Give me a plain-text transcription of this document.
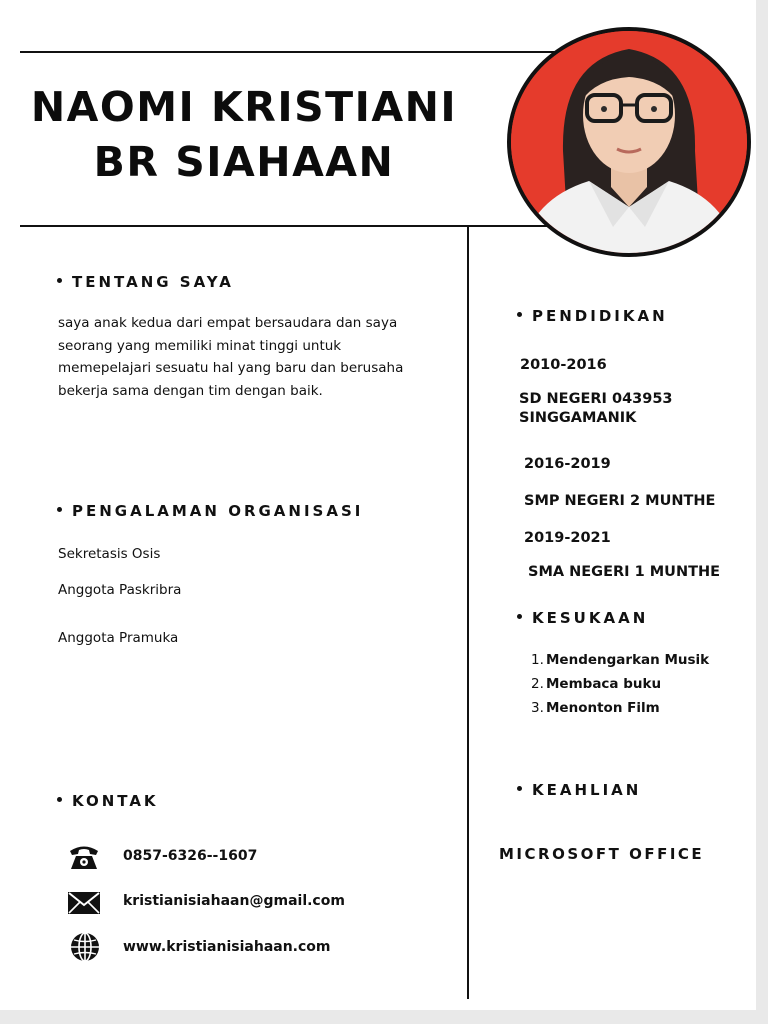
NAOMI KRISTIANI
BR SIAHAAN
TENTANG SAYA
saya anak kedua dari empat bersaudara dan saya seorang yang memiliki minat tinggi untuk memepelajari sesuatu hal yang baru dan berusaha bekerja sama dengan tim dengan baik.
PENGALAMAN ORGANISASI
Sekretasis Osis
Anggota Paskribra
Anggota Pramuka
KONTAK
0857-6326--1607
kristianisiahaan@gmail.com
www.kristianisiahaan.com
PENDIDIKAN
2010-2016
SD NEGERI 043953
SINGGAMANIK
2016-2019
SMP NEGERI 2 MUNTHE
2019-2021
SMA NEGERI 1 MUNTHE
KESUKAAN
1. Mendengarkan Musik
2. Membaca buku
3. Menonton Film
KEAHLIAN
MICROSOFT OFFICE
